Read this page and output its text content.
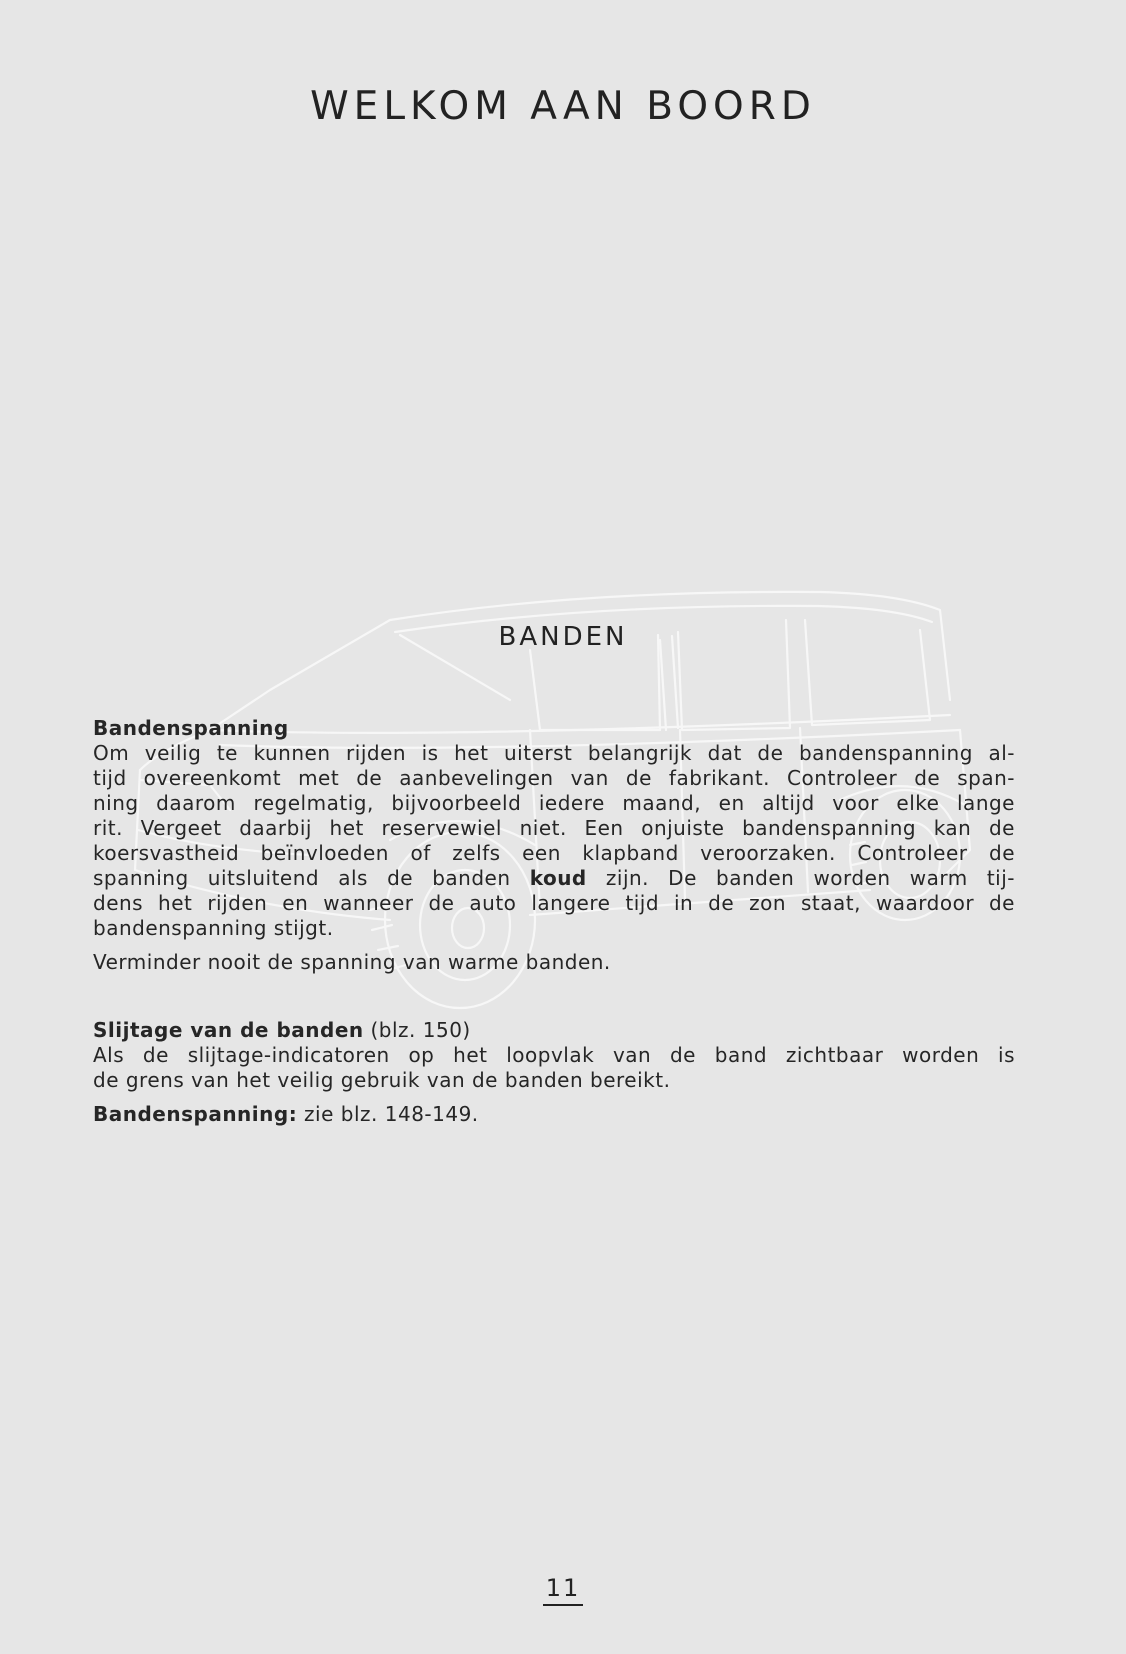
WELKOM AAN BOORD
BANDEN

Bandenspanning

Om veilig te kunnen rijden is het uiterst belangrijk dat de bandenspanning al-
tijd overeenkomt met de aanbevelingen van de fabrikant. Controleer de span-
ning daarom regelmatig, bijvoorbeeld iedere maand, en altijd voor elke lange
rit. Vergeet daarbij het reservewiel niet. Een onjuiste bandenspanning kan de
koersvastheid beïnvloeden of zelfs een klapband veroorzaken. Controleer de
spanning uitsluitend als de banden koud zijn. De banden worden warm tij-
dens het rijden en wanneer de auto langere tijd in de zon staat, waardoor de
bandenspanning stijgt.

Verminder nooit de spanning van warme banden.

Slijtage van de banden (blz. 150)

Als de slijtage-indicatoren op het loopvlak van de band zichtbaar worden is
de grens van het veilig gebruik van de banden bereikt.

Bandenspanning: zie blz. 148-149.

11
